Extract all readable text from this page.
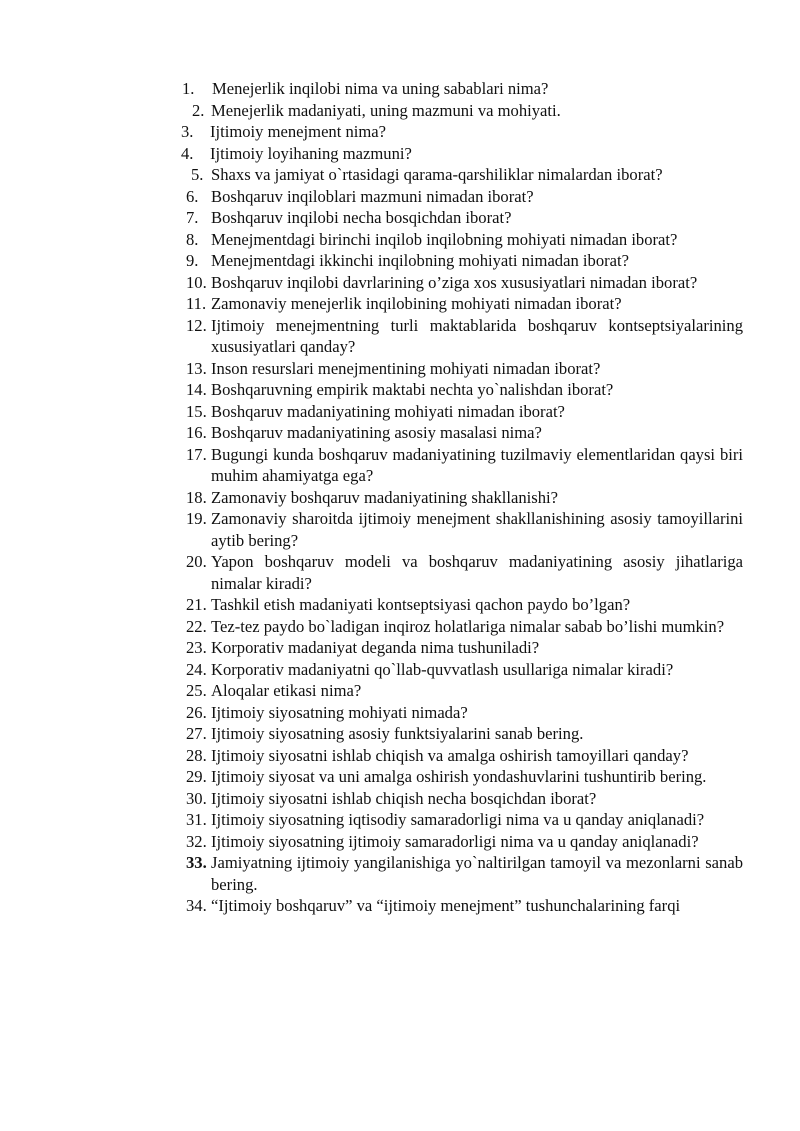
1. Menejerlik inqilobi nima va uning sabablari nima?
2. Menejerlik madaniyati, uning mazmuni va mohiyati.
3. Ijtimoiy menejment nima?
4. Ijtimoiy loyihaning mazmuni?
5. Shaxs va jamiyat o`rtasidagi qarama-qarshiliklar nimalardan iborat?
6. Boshqaruv inqiloblari mazmuni nimadan iborat?
7. Boshqaruv inqilobi necha bosqichdan iborat?
8. Menejmentdagi birinchi inqilob inqilobning mohiyati nimadan iborat?
9. Menejmentdagi ikkinchi inqilobning mohiyati nimadan iborat?
10. Boshqaruv inqilobi davrlarining o’ziga xos xususiyatlari nimadan iborat?
11. Zamonaviy menejerlik inqilobining mohiyati nimadan iborat?
12. Ijtimoiy menejmentning turli maktablarida boshqaruv kontseptsiyalarining xususiyatlari qanday?
13. Inson resurslari menejmentining mohiyati nimadan iborat?
14. Boshqaruvning empirik maktabi nechta yo`nalishdan iborat?
15. Boshqaruv madaniyatining mohiyati nimadan iborat?
16. Boshqaruv madaniyatining asosiy masalasi nima?
17. Bugungi kunda boshqaruv madaniyatining tuzilmaviy elementlaridan qaysi biri muhim ahamiyatga ega?
18. Zamonaviy boshqaruv madaniyatining shakllanishi?
19. Zamonaviy sharoitda ijtimoiy menejment shakllanishining asosiy tamoyillarini aytib bering?
20. Yapon boshqaruv modeli va boshqaruv madaniyatining asosiy jihatlariga nimalar kiradi?
21. Tashkil etish madaniyati kontseptsiyasi qachon paydo bo’lgan?
22. Tez-tez paydo bo`ladigan inqiroz holatlariga nimalar sabab bo’lishi mumkin?
23. Korporativ madaniyat deganda nima tushuniladi?
24. Korporativ madaniyatni qo`llab-quvvatlash usullariga nimalar kiradi?
25. Aloqalar etikasi nima?
26. Ijtimoiy siyosatning mohiyati nimada?
27. Ijtimoiy siyosatning asosiy funktsiyalarini sanab bering.
28. Ijtimoiy siyosatni ishlab chiqish va amalga oshirish tamoyillari qanday?
29. Ijtimoiy siyosat va uni amalga oshirish yondashuvlarini tushuntirib bering.
30. Ijtimoiy siyosatni ishlab chiqish necha bosqichdan iborat?
31. Ijtimoiy siyosatning iqtisodiy samaradorligi nima va u qanday aniqlanadi?
32. Ijtimoiy siyosatning ijtimoiy samaradorligi nima va u qanday aniqlanadi?
33. Jamiyatning ijtimoiy yangilanishiga yo`naltirilgan tamoyil va mezonlarni sanab bering.
34. “Ijtimoiy boshqaruv” va “ijtimoiy menejment” tushunchalarining farqi
